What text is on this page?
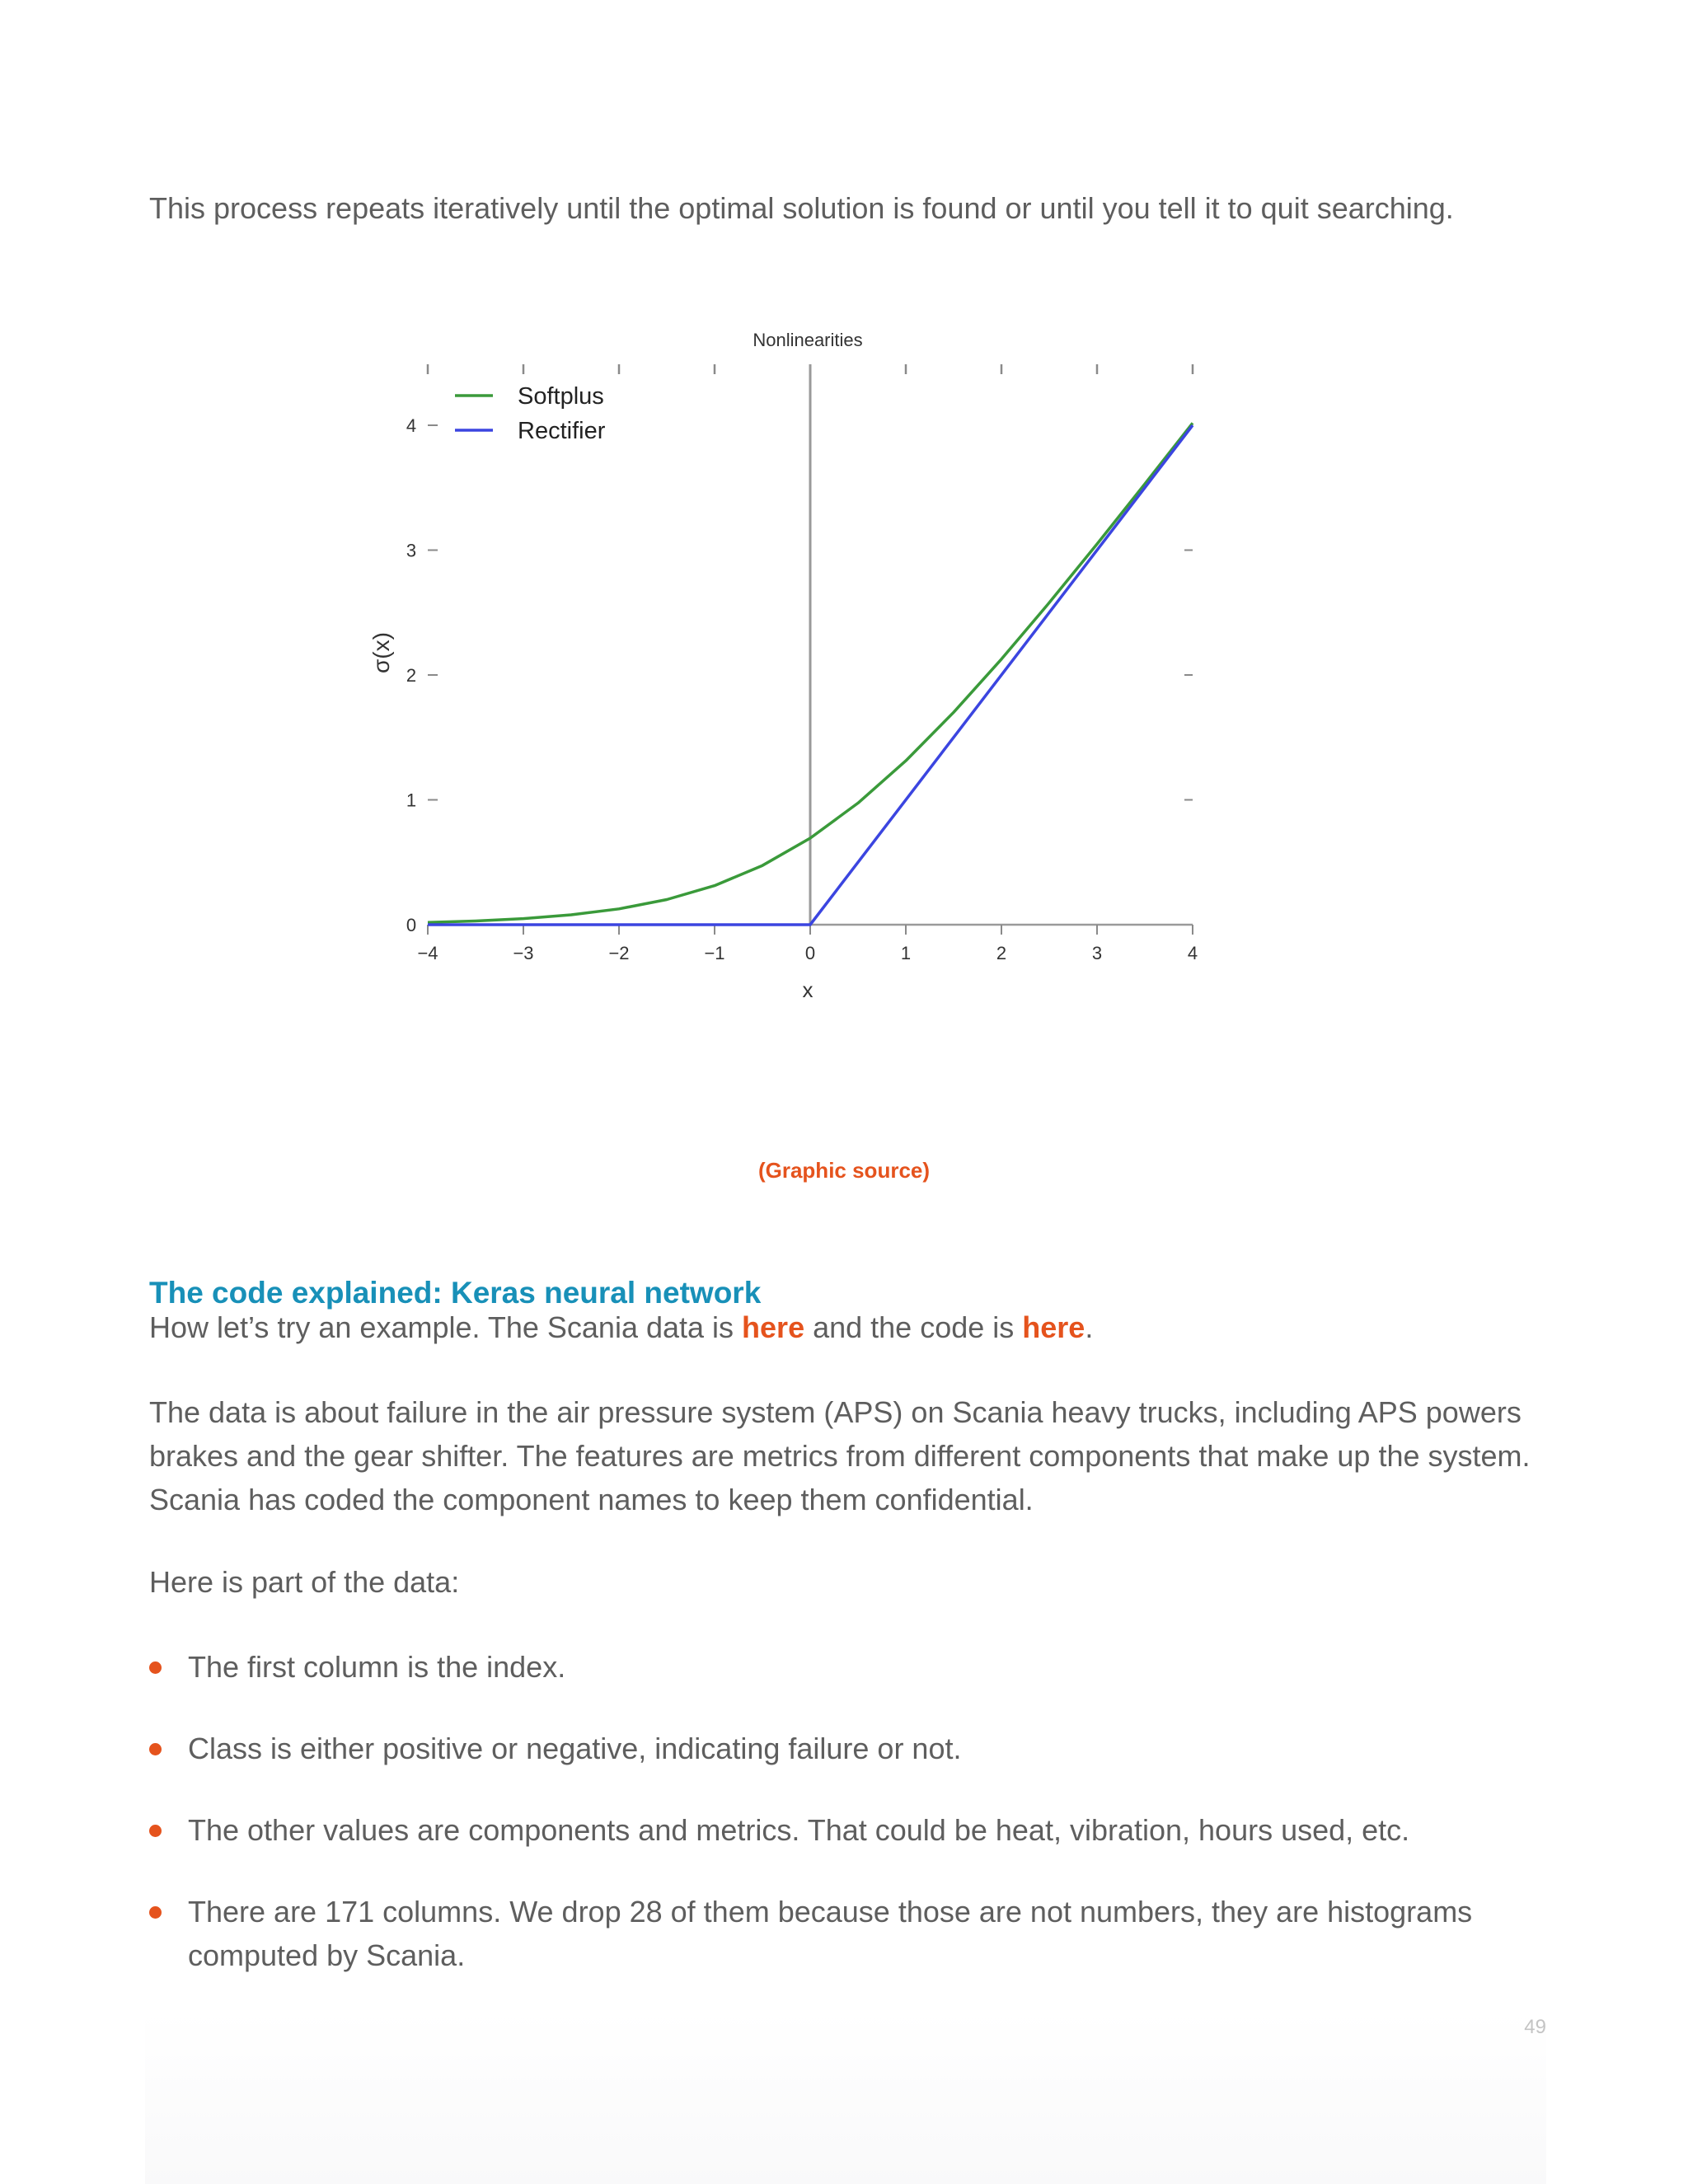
This process repeats iteratively until the optimal solution is found or until you tell it to quit searching.

−4	−3	−2	−1	0	1	2	3	4
0
1
2
3
4
Softplus
Rectifier
Nonlinearities
x
σ(x)
(Graphic source)
The code explained: Keras neural network

How let’s try an example. The Scania data is here and the code is here.

The data is about failure in the air pressure system (APS) on Scania heavy trucks, including APS powers
brakes and the gear shifter. The features are metrics from different components that make up the system.
Scania has coded the component names to keep them confidential.

Here is part of the data:

The first column is the index.
Class is either positive or negative, indicating failure or not.
The other values are components and metrics. That could be heat, vibration, hours used, etc.
There are 171 columns. We drop 28 of them because those are not numbers, they are histograms
computed by Scania.
49
